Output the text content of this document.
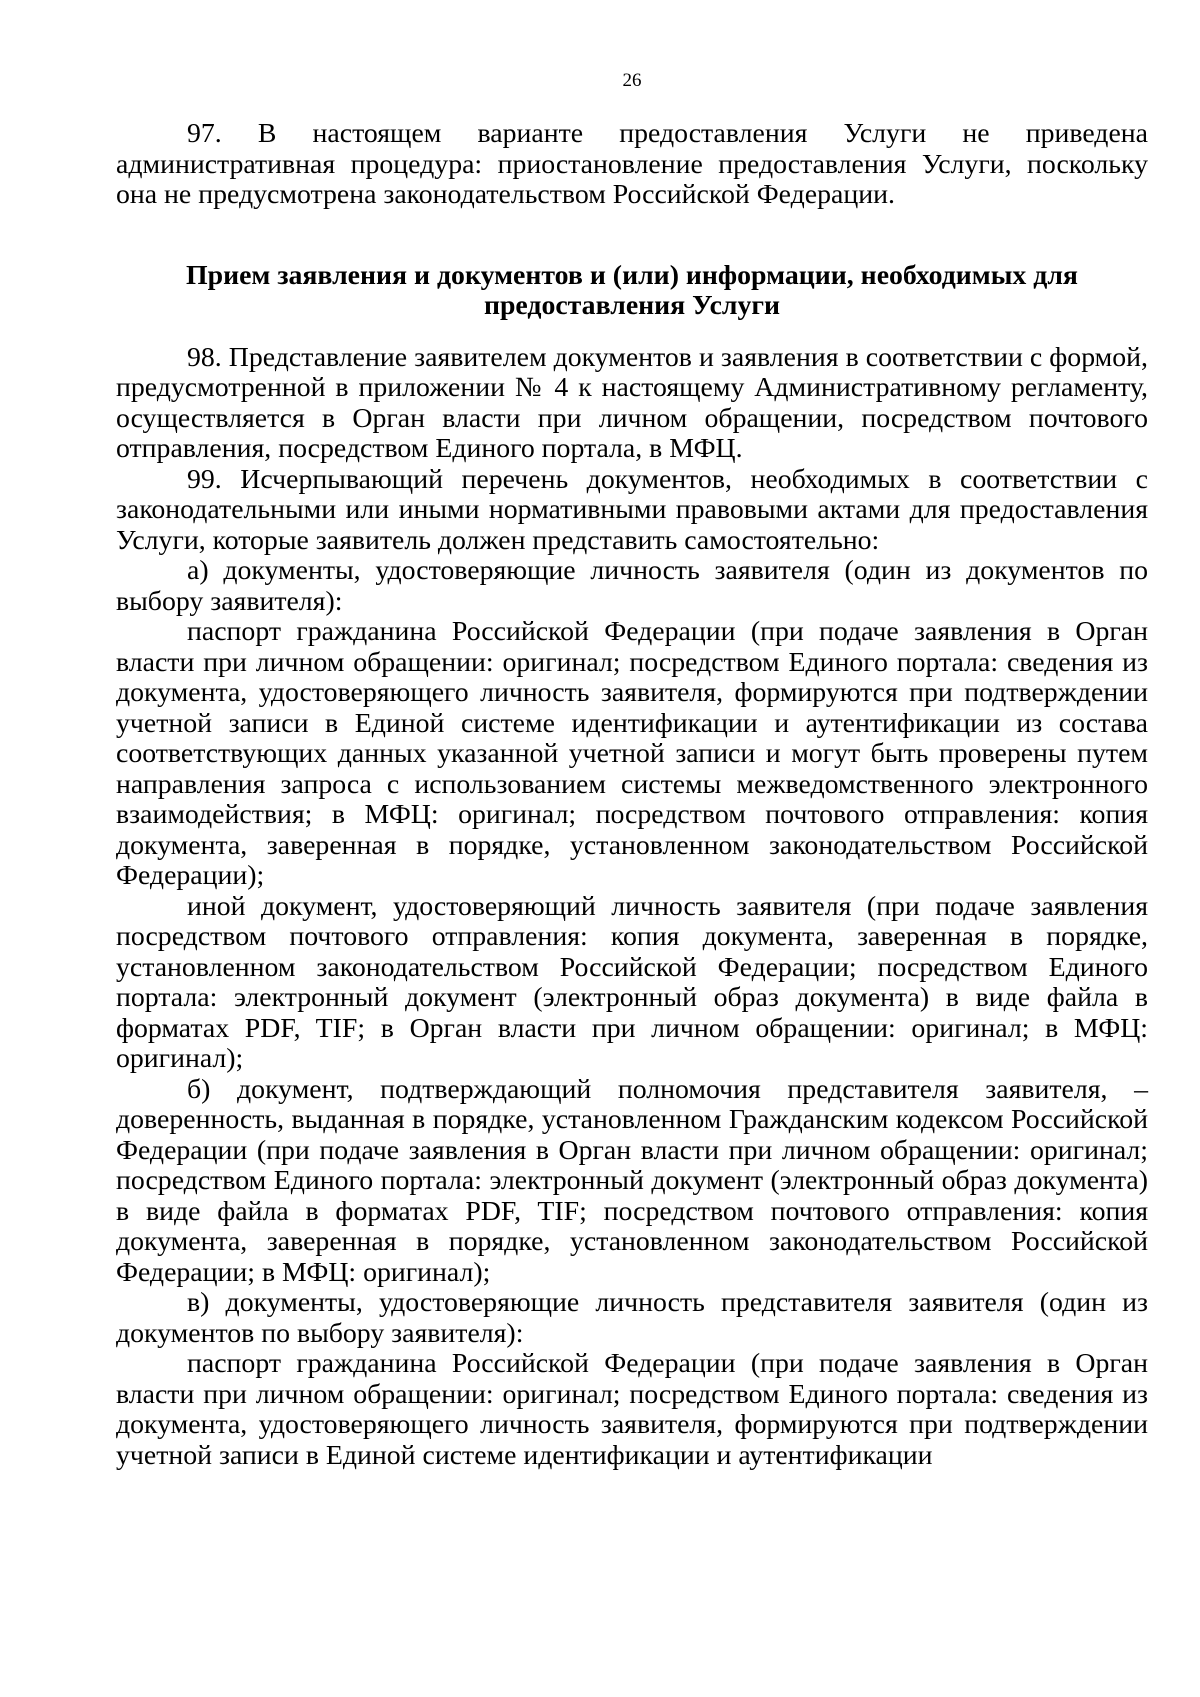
26

97. В настоящем варианте предоставления Услуги не приведена административная процедура: приостановление предоставления Услуги, поскольку она не предусмотрена законодательством Российской Федерации.

Прием заявления и документов и (или) информации, необходимых для
предоставления Услуги

98. Представление заявителем документов и заявления в соответствии с формой, предусмотренной в приложении № 4 к настоящему Административному регламенту, осуществляется в Орган власти при личном обращении, посредством почтового отправления, посредством Единого портала, в МФЦ.

99. Исчерпывающий перечень документов, необходимых в соответствии с законодательными или иными нормативными правовыми актами для предоставления Услуги, которые заявитель должен представить самостоятельно:

а) документы, удостоверяющие личность заявителя (один из документов по выбору заявителя):

паспорт гражданина Российской Федерации (при подаче заявления в Орган власти при личном обращении: оригинал; посредством Единого портала: сведения из документа, удостоверяющего личность заявителя, формируются при подтверждении учетной записи в Единой системе идентификации и аутентификации из состава соответствующих данных указанной учетной записи и могут быть проверены путем направления запроса с использованием системы межведомственного электронного взаимодействия; в МФЦ: оригинал; посредством почтового отправления: копия документа, заверенная в порядке, установленном законодательством Российской Федерации);

иной документ, удостоверяющий личность заявителя (при подаче заявления посредством почтового отправления: копия документа, заверенная в порядке, установленном законодательством Российской Федерации; посредством Единого портала: электронный документ (электронный образ документа) в виде файла в форматах PDF, TIF; в Орган власти при личном обращении: оригинал; в МФЦ: оригинал);

б) документ, подтверждающий полномочия представителя заявителя, – доверенность, выданная в порядке, установленном Гражданским кодексом Российской Федерации (при подаче заявления в Орган власти при личном обращении: оригинал; посредством Единого портала: электронный документ (электронный образ документа) в виде файла в форматах PDF, TIF; посредством почтового отправления: копия документа, заверенная в порядке, установленном законодательством Российской Федерации; в МФЦ: оригинал);

в) документы, удостоверяющие личность представителя заявителя (один из документов по выбору заявителя):

паспорт гражданина Российской Федерации (при подаче заявления в Орган власти при личном обращении: оригинал; посредством Единого портала: сведения из документа, удостоверяющего личность заявителя, формируются при подтверждении учетной записи в Единой системе идентификации и аутентификации
